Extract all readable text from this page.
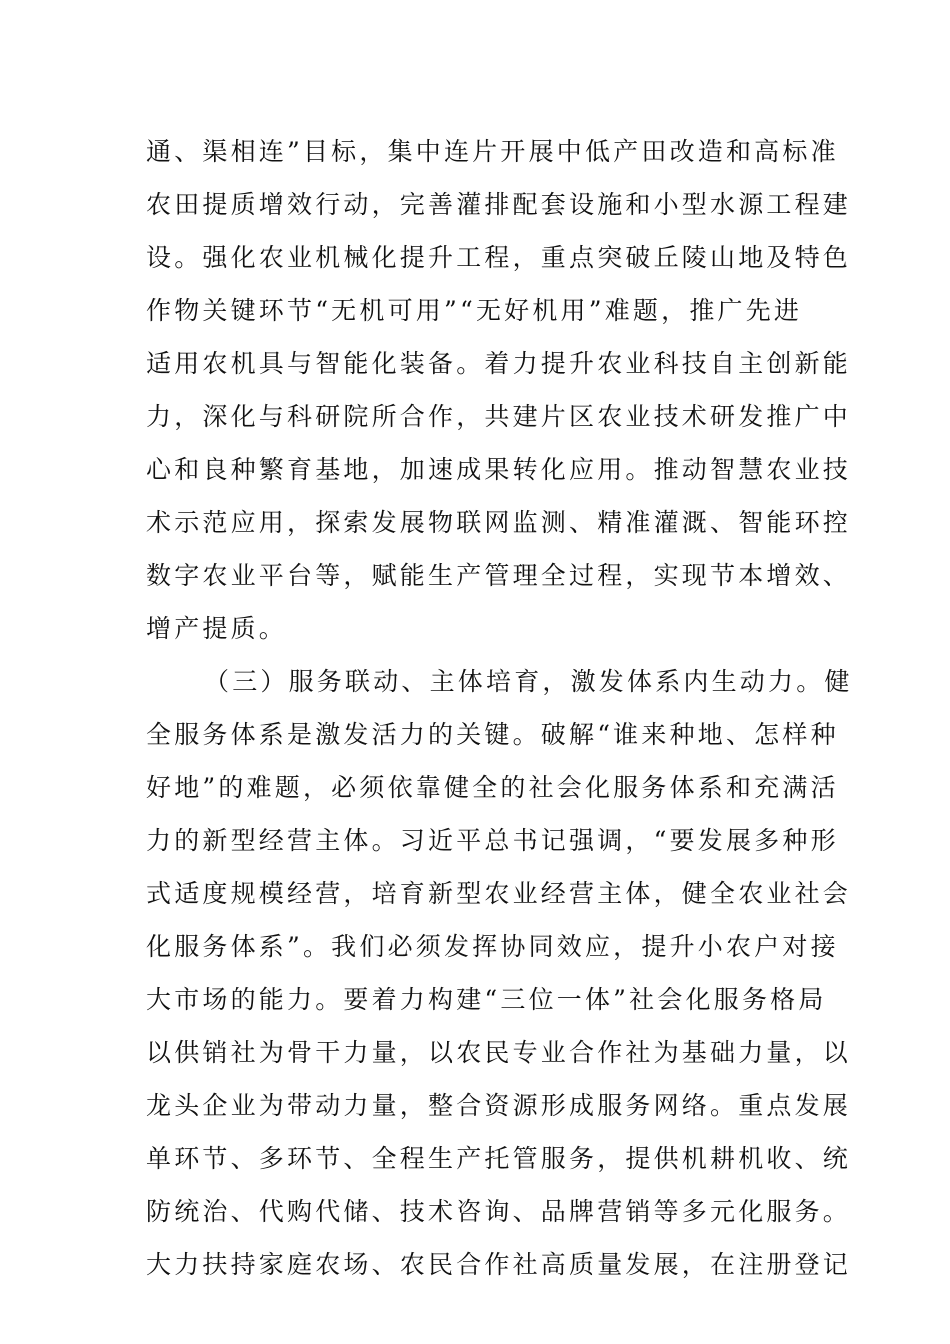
通、渠相连”目标，集中连片开展中低产田改造和高标准
农田提质增效行动，完善灌排配套设施和小型水源工程建
设。强化农业机械化提升工程，重点突破丘陵山地及特色
作物关键环节“无机可用”“无好机用”难题，推广先进
适用农机具与智能化装备。着力提升农业科技自主创新能
力，深化与科研院所合作，共建片区农业技术研发推广中
心和良种繁育基地，加速成果转化应用。推动智慧农业技
术示范应用，探索发展物联网监测、精准灌溉、智能环控
数字农业平台等，赋能生产管理全过程，实现节本增效、
增产提质。
（三）服务联动、主体培育，激发体系内生动力。健
全服务体系是激发活力的关键。破解“谁来种地、怎样种
好地”的难题，必须依靠健全的社会化服务体系和充满活
力的新型经营主体。习近平总书记强调，“要发展多种形
式适度规模经营，培育新型农业经营主体，健全农业社会
化服务体系”。我们必须发挥协同效应，提升小农户对接
大市场的能力。要着力构建“三位一体”社会化服务格局
以供销社为骨干力量，以农民专业合作社为基础力量，以
龙头企业为带动力量，整合资源形成服务网络。重点发展
单环节、多环节、全程生产托管服务，提供机耕机收、统
防统治、代购代储、技术咨询、品牌营销等多元化服务。
大力扶持家庭农场、农民合作社高质量发展，在注册登记
